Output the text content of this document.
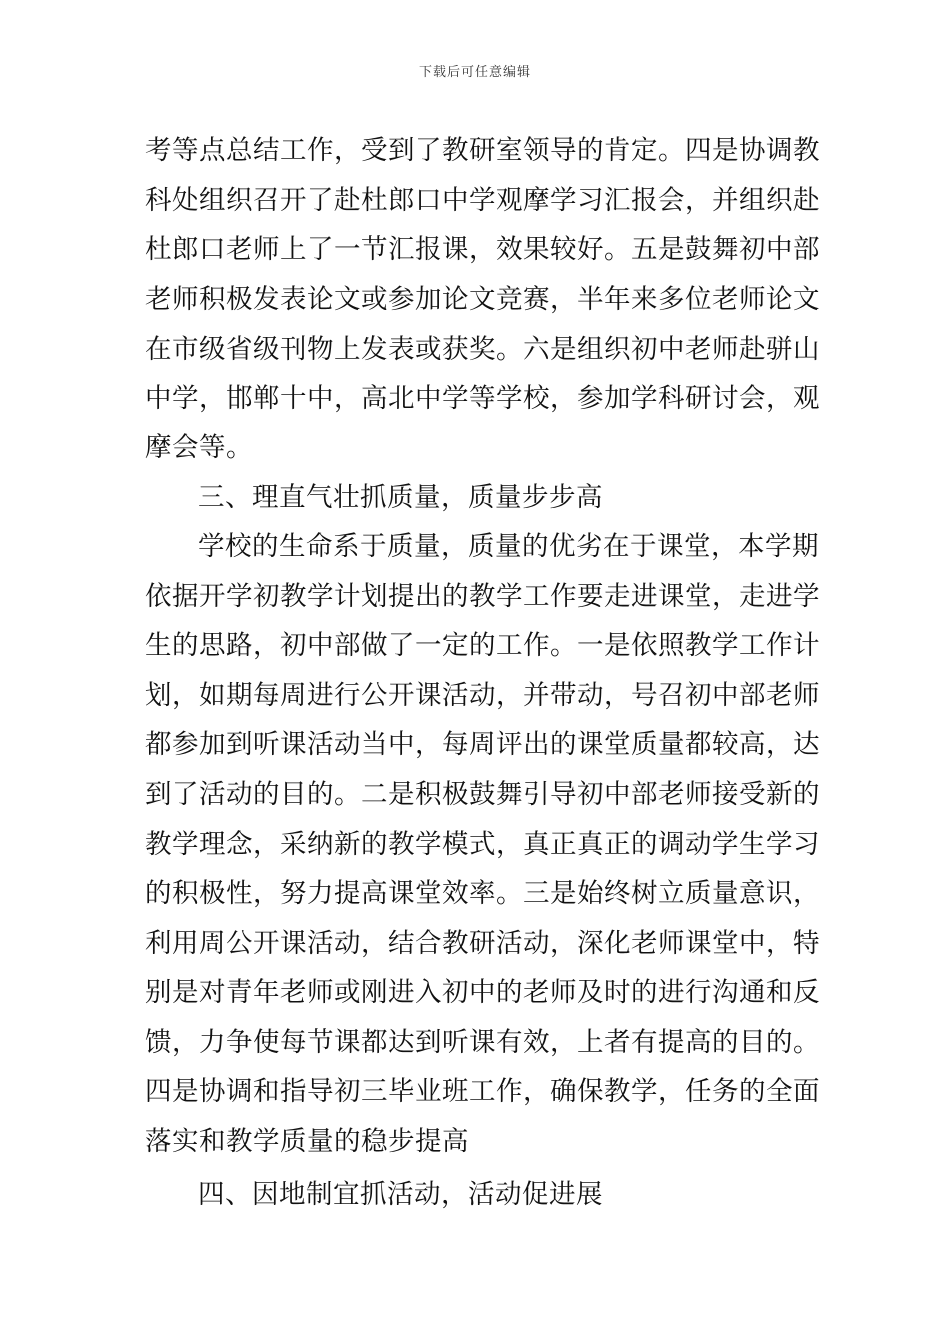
下载后可任意编辑
考等点总结工作，受到了教研室领导的肯定。四是协调教
科处组织召开了赴杜郎口中学观摩学习汇报会，并组织赴
杜郎口老师上了一节汇报课，效果较好。五是鼓舞初中部
老师积极发表论文或参加论文竞赛，半年来多位老师论文
在市级省级刊物上发表或获奖。六是组织初中老师赴骈山
中学，邯郸十中，高北中学等学校，参加学科研讨会，观
摩会等。
三、理直气壮抓质量，质量步步高
学校的生命系于质量，质量的优劣在于课堂，本学期
依据开学初教学计划提出的教学工作要走进课堂，走进学
生的思路，初中部做了一定的工作。一是依照教学工作计
划，如期每周进行公开课活动，并带动，号召初中部老师
都参加到听课活动当中，每周评出的课堂质量都较高，达
到了活动的目的。二是积极鼓舞引导初中部老师接受新的
教学理念，采纳新的教学模式，真正真正的调动学生学习
的积极性，努力提高课堂效率。三是始终树立质量意识，
利用周公开课活动，结合教研活动，深化老师课堂中，特
别是对青年老师或刚进入初中的老师及时的进行沟通和反
馈，力争使每节课都达到听课有效，上者有提高的目的。
四是协调和指导初三毕业班工作，确保教学，任务的全面
落实和教学质量的稳步提高
四、因地制宜抓活动，活动促进展
